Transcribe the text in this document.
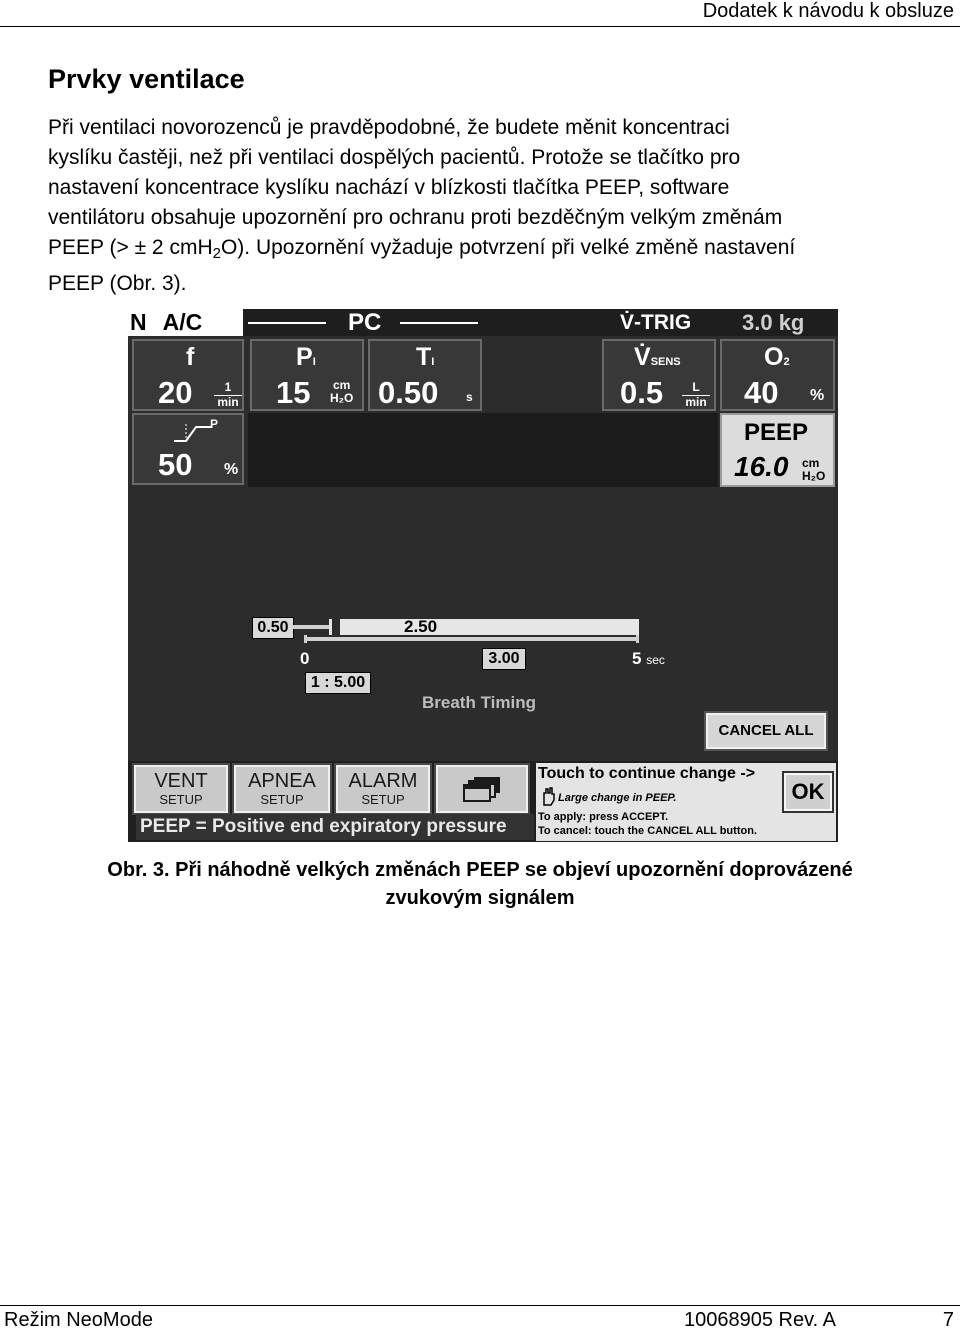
Dodatek k návodu k obsluze
Prvky ventilace
Při ventilaci novorozenců je pravděpodobné, že budete měnit koncentraci
kyslíku častěji, než při ventilaci dospělých pacientů. Protože se tlačítko pro
nastavení koncentrace kyslíku nachází v blízkosti tlačítka PEEP, software
ventilátoru obsahuje upozornění pro ochranu proti bezděčným velkým změnám
PEEP (> ± 2 cmH$_2$O). Upozornění vyžaduje potvrzení při velké změně nastavení
PEEP (Obr. 3).
N A/C	PC	V̇-TRIG 3.0 kg
f
20	1
min
PI
15 cm
H₂O
TI
0.50 s
V̇SENS
0.5	L
min
O2
40 %
P
50 %
PEEP
16.0 cm
H₂O
0.50	2.50
0	3.00	5 sec
1 : 5.00
Breath Timing
CANCEL ALL
VENT
SETUP
APNEA
SETUP
ALARM
SETUP
PEEP = Positive end expiratory pressure
Touch to continue change ->
Large change in PEEP.
To apply: press ACCEPT.
To cancel: touch the CANCEL ALL button.
OK
Obr. 3. Při náhodně velkých změnách PEEP se objeví upozornění doprovázené
zvukovým signálem
Režim NeoMode	10068905 Rev. A	7
